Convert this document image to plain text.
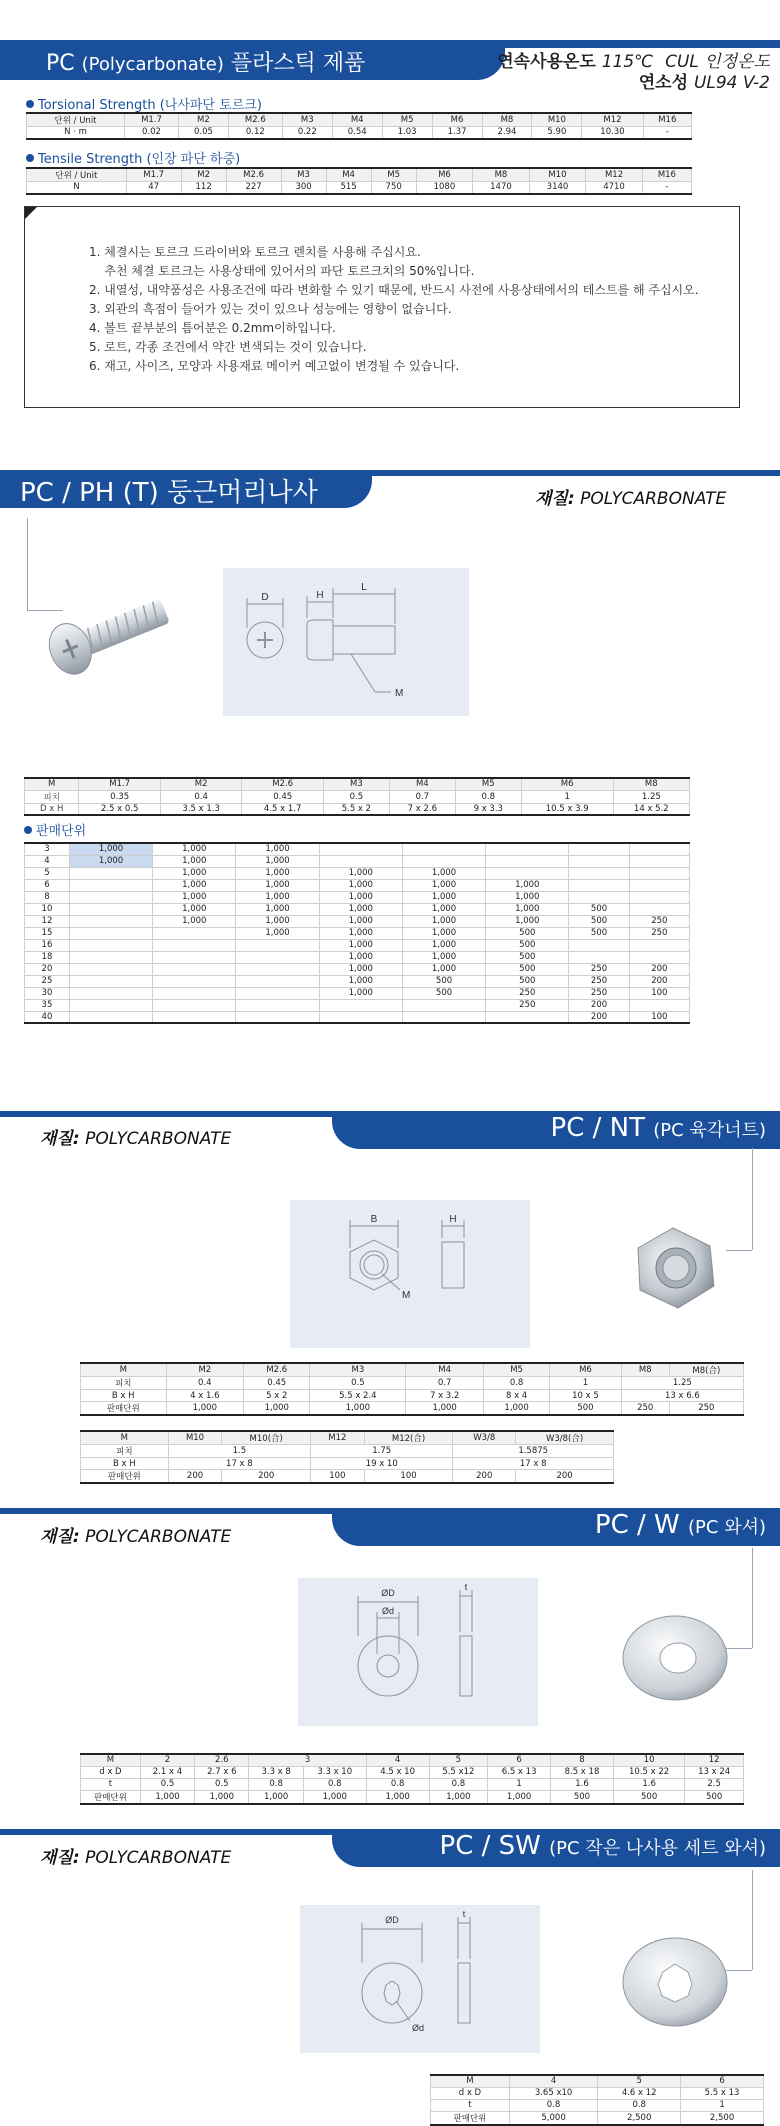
PC (Polycarbonate) 플라스틱 제품	연속사용온도 115℃ CUL 인정온도
연소성 UL94 V-2
Torsional Strength (나사파단 토르크)
단위 / Unit	M1.7	M2	M2.6	M3	M4	M5	M6	M8	M10	M12	M16
N · m	0.02	0.05	0.12	0.22	0.54	1.03	1.37	2.94	5.90	10.30	-
Tensile Strength (인장 파단 하중)
단위 / Unit	M1.7	M2	M2.6	M3	M4	M5	M6	M8	M10	M12	M16
N	47	112	227	300	515	750	1080	1470	3140	4710	-
1. 체결시는 토르크 드라이버와 토르크 렌치를 사용해 주십시요.
추천 체결 토르크는 사용상태에 있어서의 파단 토르크치의 50%입니다.
2. 내열성, 내약품성은 사용조건에 따라 변화할 수 있기 때문에, 반드시 사전에 사용상태에서의 테스트를 해 주십시오.
3. 외관의 흑점이 들어가 있는 것이 있으나 성능에는 영향이 없습니다.
4. 볼트 끝부분의 틈어분은 0.2mm이하입니다.
5. 로트, 각종 조건에서 약간 변색되는 것이 있습니다.
6. 재고, 사이즈, 모양과 사용재료 메이커 예고없이 변경될 수 있습니다.
PC / PH (T) 둥근머리나사	재질: POLYCARBONATE
D	H
L
M
M	M1.7	M2	M2.6	M3	M4	M5	M6	M8
피치	0.35	0.4	0.45	0.5	0.7	0.8	1	1.25
D x H	2.5 x 0.5	3.5 x 1.3	4.5 x 1.7	5.5 x 2	7 x 2.6	9 x 3.3	10.5 x 3.9	14 x 5.2
판매단위
3	1,000	1,000	1,000					
4	1,000	1,000	1,000					
5		1,000	1,000	1,000	1,000			
6		1,000	1,000	1,000	1,000	1,000		
8		1,000	1,000	1,000	1,000	1,000		
10		1,000	1,000	1,000	1,000	1,000	500	
12		1,000	1,000	1,000	1,000	1,000	500	250
15			1,000	1,000	1,000	500	500	250
16				1,000	1,000	500		
18				1,000	1,000	500		
20				1,000	1,000	500	250	200
25				1,000	500	500	250	200
30				1,000	500	250	250	100
35						250	200	
40							200	100
PC / NT (PC 육각너트)
재질: POLYCARBONATE
B	H
M
M	M2	M2.6	M3	M4	M5	M6	M8	M8(合)
피치	0.4	0.45	0.5	0.7	0.8	1	1.25	
B x H	4 x 1.6	5 x 2	5.5 x 2.4	7 x 3.2	8 x 4	10 x 5	13 x 6.6	
판매단위	1,000	1,000	1,000	1,000	1,000	500	250	250
M	M10	M10(合)	M12	M12(合)	W3/8	W3/8(合)
피치	1.5		1.75		1.5875	
B x H	17 x 8		19 x 10		17 x 8	
판매단위	200	200	100	100	200	200
PC / W (PC 와셔)
재질: POLYCARBONATE
ØD
Ød
t
M	2	2.6	3		4	5	6	8	10	12
d x D	2.1 x 4	2.7 x 6	3.3 x 8	3.3 x 10	4.5 x 10	5.5 x12	6.5 x 13	8.5 x 18	10.5 x 22	13 x 24
t	0.5	0.5	0.8	0.8	0.8	0.8	1	1.6	1.6	2.5
판매단위	1,000	1,000	1,000	1,000	1,000	1,000	1,000	500	500	500
PC / SW (PC 작은 나사용 세트 와셔)
재질: POLYCARBONATE
ØD
Ød
t
M	4	5	6
d x D	3.65 x10	4.6 x 12	5.5 x 13
t	0.8	0.8	1
판매단위	5,000	2,500	2,500
